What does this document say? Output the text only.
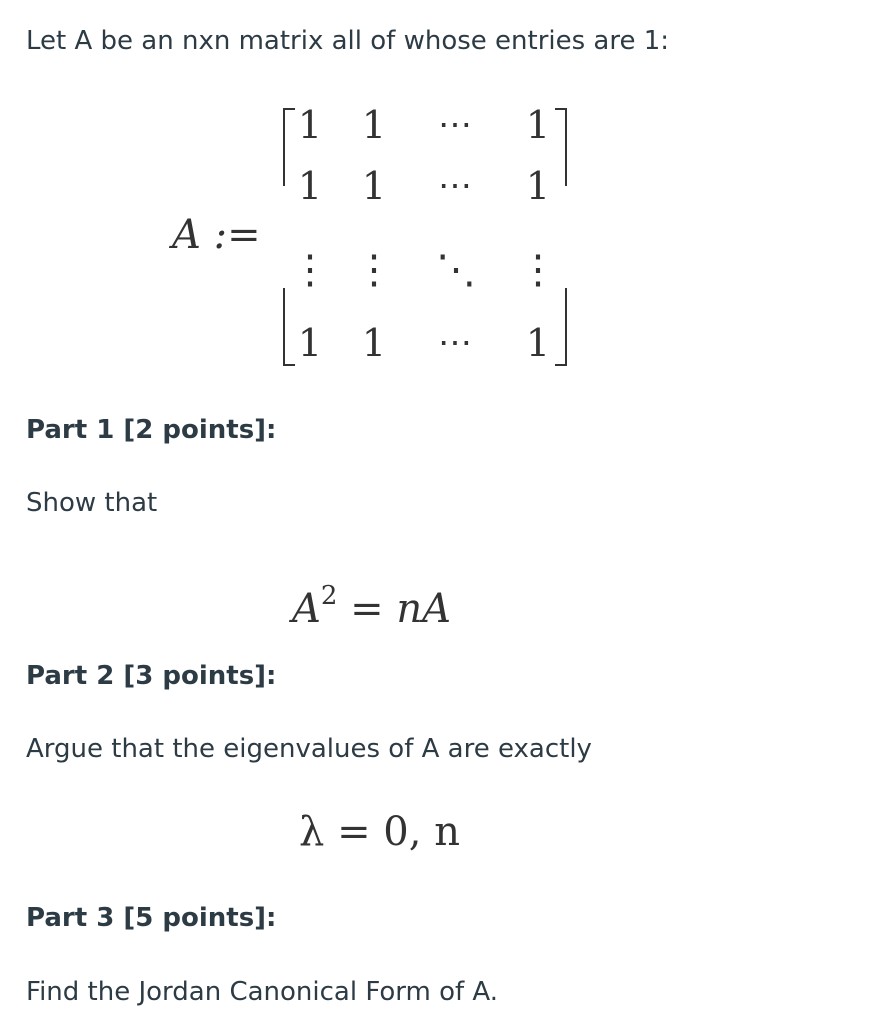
Let A be an nxn matrix all of whose entries are 1:
A :=
1 1	⋯	1
1 1	⋯	1
⋮ ⋮ ⋱ ⋮
1 1	⋯	1
Part 1 [2 points]:
Show that
$A^2$ = nA
Part 2 [3 points]:
Argue that the eigenvalues of A are exactly
λ = 0, n
Part 3 [5 points]:
Find the Jordan Canonical Form of A.
